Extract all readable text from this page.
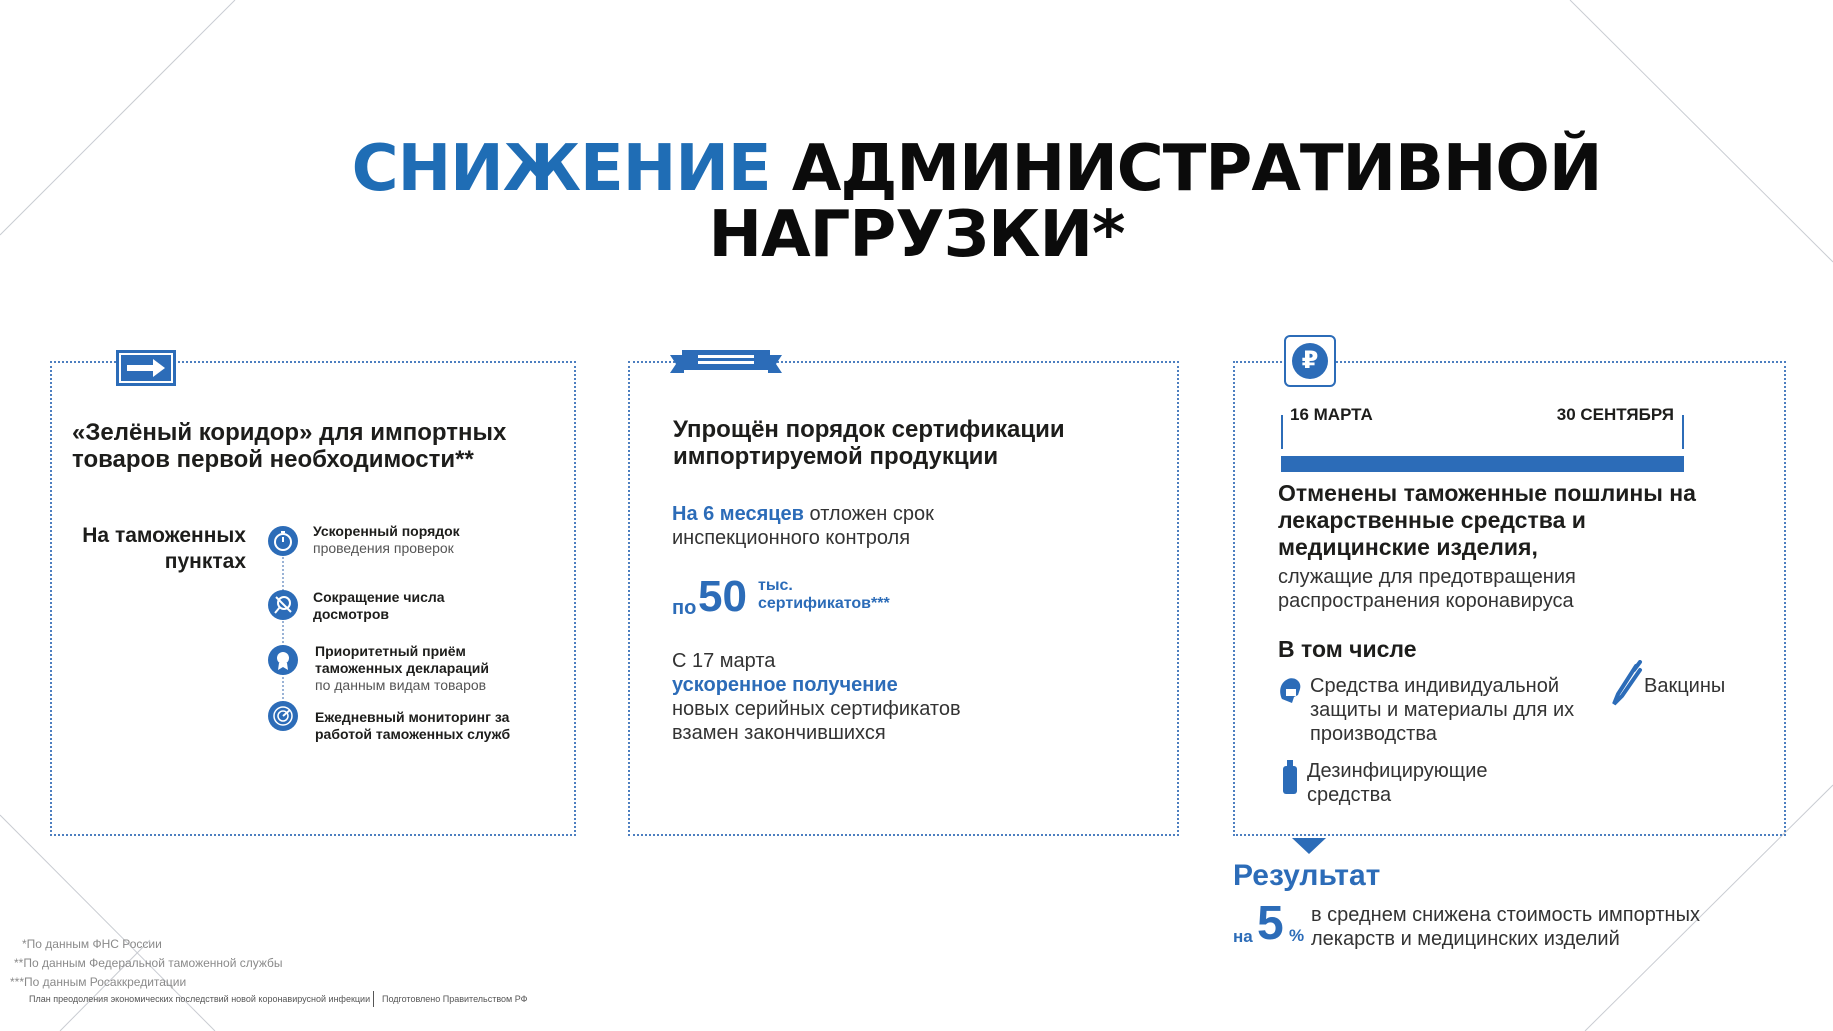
СНИЖЕНИЕ АДМИНИСТРАТИВНОЙ
НАГРУЗКИ*
«Зелёный коридор» для импортных товаров первой необходимости**
На таможенных пунктах
Ускоренный порядок
проведения проверок
Сокращение числа досмотров
Приоритетный приём таможенных деклараций
по данным видам товаров
Ежедневный мониторинг за работой таможенных служб
Упрощён порядок сертификации импортируемой продукции
На 6 месяцев отложен срок инспекционного контроля
по 50 тыс.
сертификатов***
С 17 марта
ускоренное получение
новых серийных сертификатов взамен закончившихся
₽
16 МАРТА	30 СЕНТЯБРЯ
Отменены таможенные пошлины на лекарственные средства и медицинские изделия,
служащие для предотвращения распространения коронавируса
В том числе
Средства индивидуальной защиты и материалы для их производства
Вакцины
Дезинфицирующие средства
Результат
на 5 %
в среднем снижена стоимость импортных лекарств и медицинских изделий
*По данным ФНС России
**По данным Федеральной таможенной службы
***По данным Росаккредитации
План преодоления экономических последствий новой коронавирусной инфекции Подготовлено Правительством РФ
